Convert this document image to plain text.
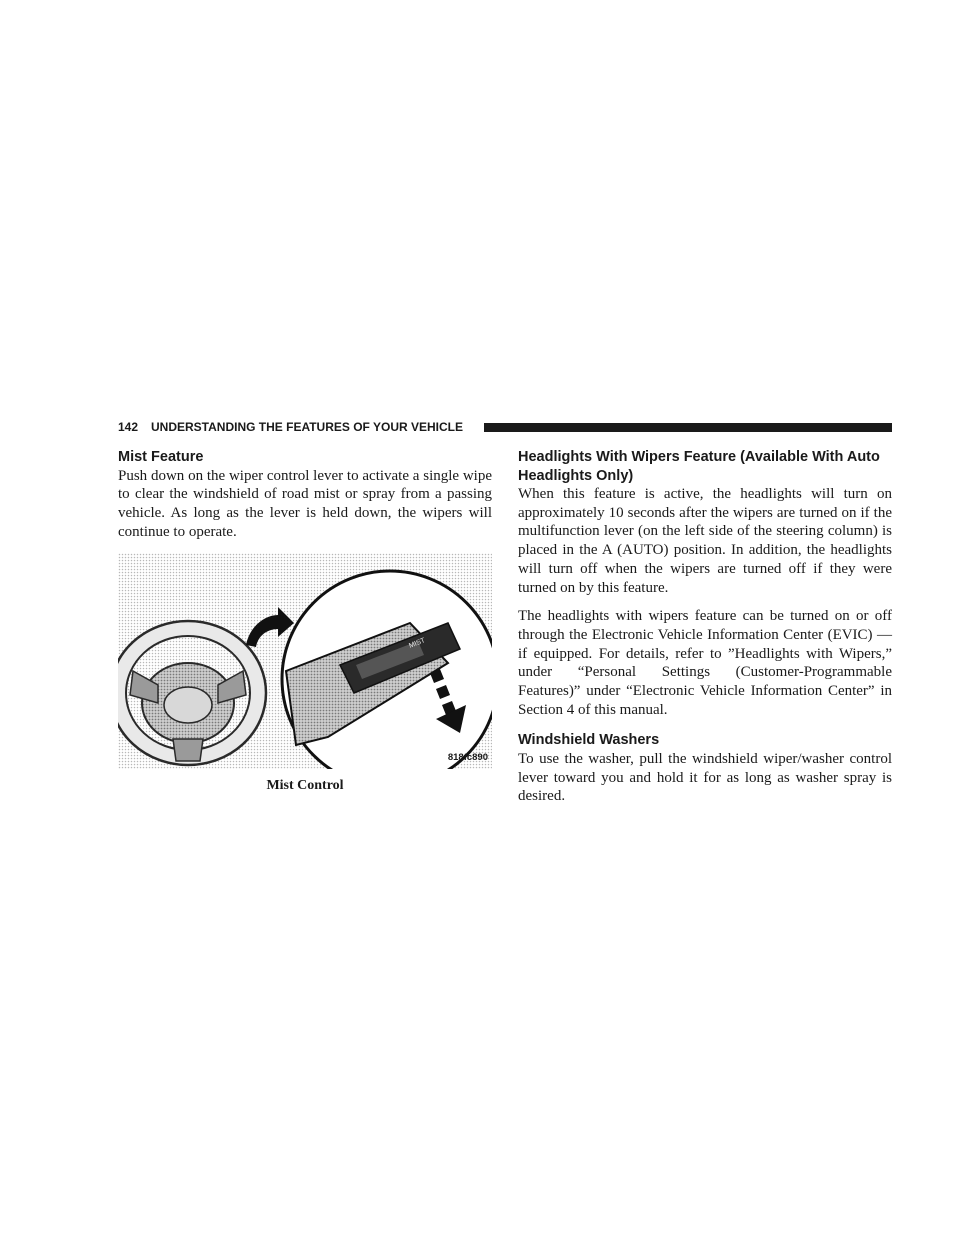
142 UNDERSTANDING THE FEATURES OF YOUR VEHICLE
Mist Feature

Push down on the wiper control lever to activate a single wipe to clear the windshield of road mist or spray from a passing vehicle. As long as the lever is held down, the wipers will continue to operate.

MIST
818fc890
Mist Control
Headlights With Wipers Feature (Available With Auto Headlights Only)

When this feature is active, the headlights will turn on approximately 10 seconds after the wipers are turned on if the multifunction lever (on the left side of the steering column) is placed in the A (AUTO) position. In addition, the headlights will turn off when the wipers are turned off if they were turned on by this feature.

The headlights with wipers feature can be turned on or off through the Electronic Vehicle Information Center (EVIC) — if equipped. For details, refer to ”Headlights with Wipers,” under “Personal Settings (Customer-Programmable Features)” under “Electronic Vehicle Information Center” in Section 4 of this manual.

Windshield Washers

To use the washer, pull the windshield wiper/washer control lever toward you and hold it for as long as washer spray is desired.
